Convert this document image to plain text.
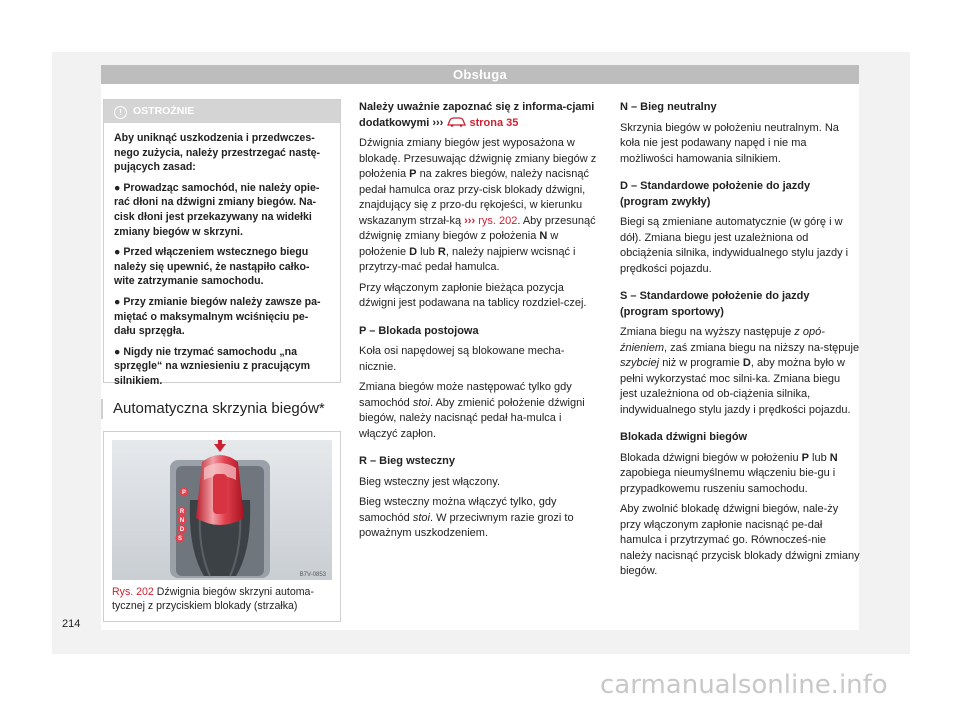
Obsługa
! OSTROŻNIE

Aby uniknąć uszkodzenia i przedwczes-nego zużycia, należy przestrzegać nastę-pujących zasad:

● Prowadząc samochód, nie należy opie-rać dłoni na dźwigni zmiany biegów. Na-cisk dłoni jest przekazywany na widełki zmiany biegów w skrzyni.

● Przed włączeniem wstecznego biegu należy się upewnić, że nastąpiło całko-wite zatrzymanie samochodu.

● Przy zmianie biegów należy zawsze pa-miętać o maksymalnym wciśnięciu pe-dału sprzęgła.

● Nigdy nie trzymać samochodu „na sprzęgle“ na wzniesieniu z pracującym silnikiem.

Automatyczna skrzynia biegów*
P
R
N
D
S
B7V-0853
Rys. 202 Dźwignia biegów skrzyni automa-tycznej z przyciskiem blokady (strzałka)

Należy uważnie zapoznać się z informa-cjami dodatkowymi ››› strona 35

Dźwignia zmiany biegów jest wyposażona w blokadę. Przesuwając dźwignię zmiany biegów z położenia P na zakres biegów, należy nacisnąć pedał hamulca oraz przy-cisk blokady dźwigni, znajdujący się z przo-du rękojeści, w kierunku wskazanym strzał-ką ››› rys. 202. Aby przesunąć dźwignię zmiany biegów z położenia N w położenie D lub R, należy najpierw wcisnąć i przytrzy-mać pedał hamulca.

Przy włączonym zapłonie bieżąca pozycja dźwigni jest podawana na tablicy rozdziel-czej.

P – Blokada postojowa

Koła osi napędowej są blokowane mecha-nicznie.

Zmiana biegów może następować tylko gdy samochód stoi. Aby zmienić położenie dźwigni biegów, należy nacisnąć pedał ha-mulca i włączyć zapłon.

R – Bieg wsteczny

Bieg wsteczny jest włączony.

Bieg wsteczny można włączyć tylko, gdy samochód stoi. W przeciwnym razie grozi to poważnym uszkodzeniem.

N – Bieg neutralny

Skrzynia biegów w położeniu neutralnym. Na koła nie jest podawany napęd i nie ma możliwości hamowania silnikiem.

D – Standardowe położenie do jazdy (program zwykły)

Biegi są zmieniane automatycznie (w górę i w dół). Zmiana biegu jest uzależniona od obciążenia silnika, indywidualnego stylu jazdy i prędkości pojazdu.

S – Standardowe położenie do jazdy (program sportowy)

Zmiana biegu na wyższy następuje z opó-źnieniem, zaś zmiana biegu na niższy na-stępuje szybciej niż w programie D, aby można było w pełni wykorzystać moc silni-ka. Zmiana biegu jest uzależniona od ob-ciążenia silnika, indywidualnego stylu jazdy i prędkości pojazdu.

Blokada dźwigni biegów

Blokada dźwigni biegów w położeniu P lub N zapobiega nieumyślnemu włączeniu bie-gu i przypadkowemu ruszeniu samochodu.

Aby zwolnić blokadę dźwigni biegów, nale-ży przy włączonym zapłonie nacisnąć pe-dał hamulca i przytrzymać go. Równocześ-nie należy nacisnąć przycisk blokady dźwigni zmiany biegów.

214
carmanualsonline.info
